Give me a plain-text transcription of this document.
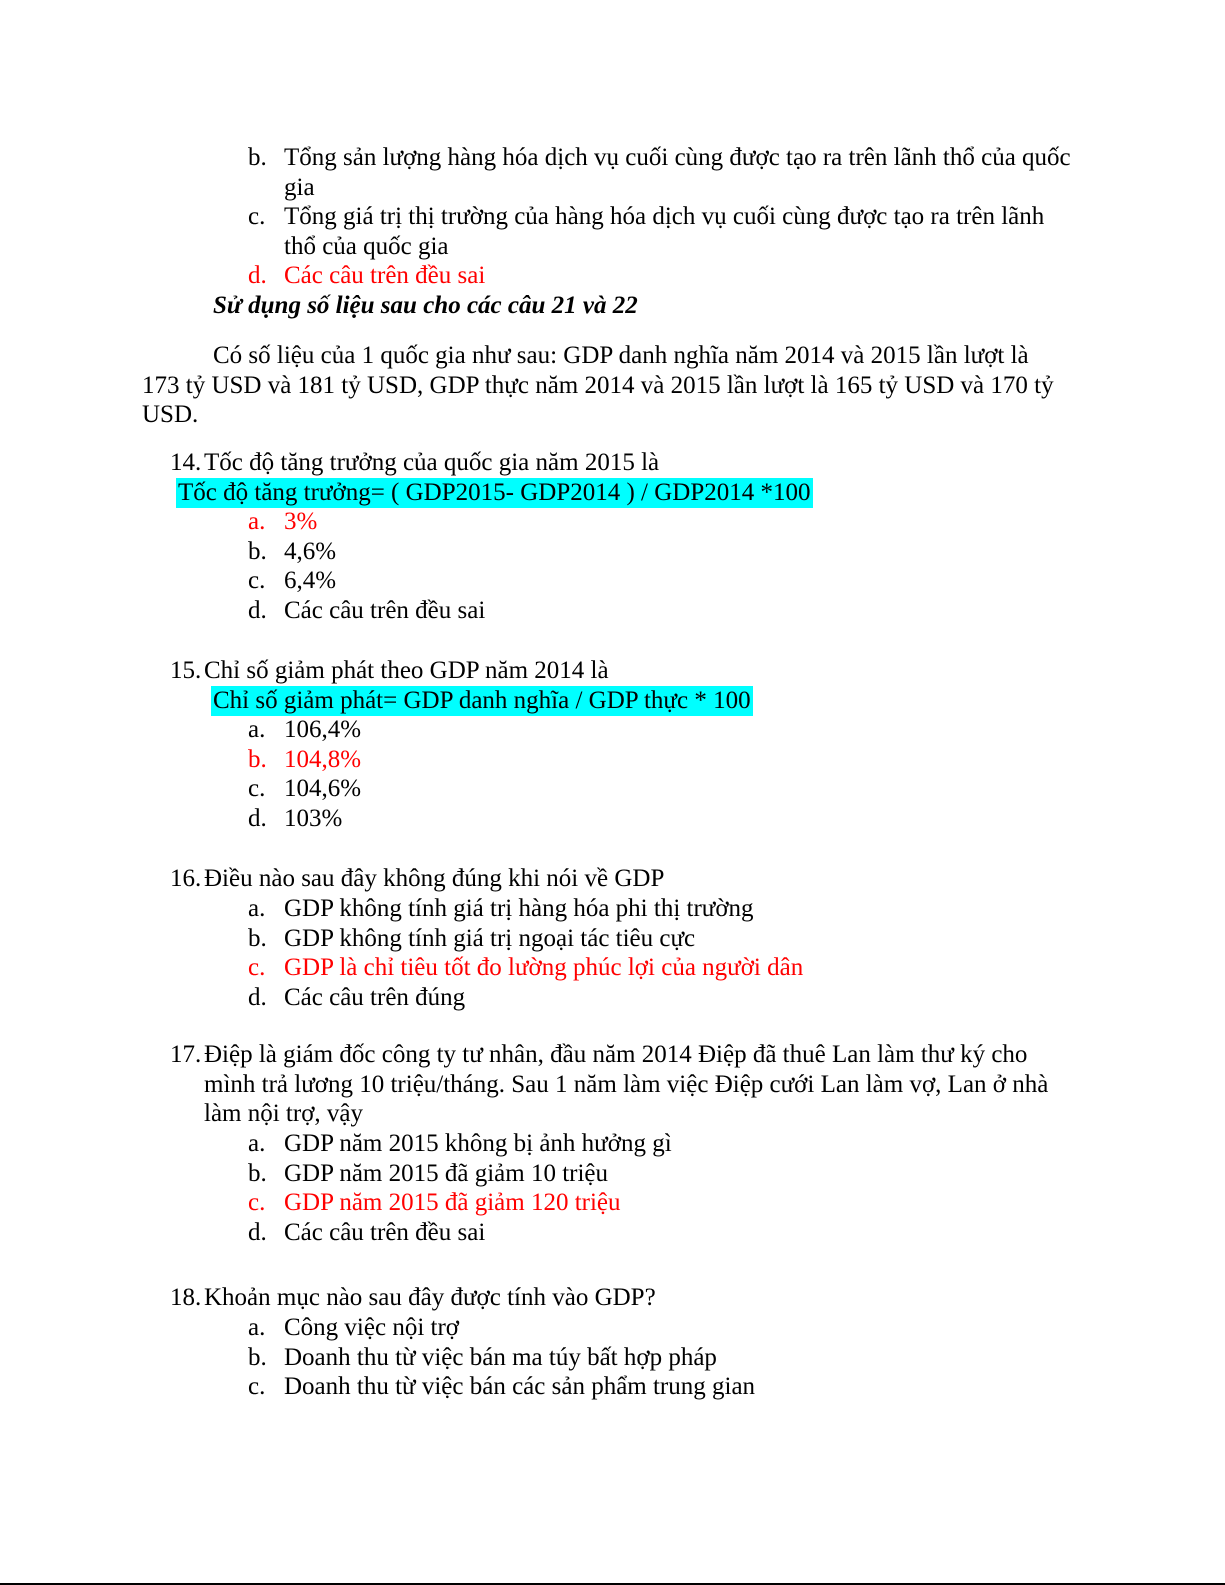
b. Tổng sản lượng hàng hóa dịch vụ cuối cùng được tạo ra trên lãnh thổ của quốc gia
c. Tổng giá trị thị trường của hàng hóa dịch vụ cuối cùng được tạo ra trên lãnh thổ của quốc gia
d. Các câu trên đều sai
Sử dụng số liệu sau cho các câu 21 và 22
Có số liệu của 1 quốc gia như sau: GDP danh nghĩa năm 2014 và 2015 lần lượt là 173 tỷ USD và 181 tỷ USD, GDP thực năm 2014 và 2015 lần lượt là 165 tỷ USD và 170 tỷ USD.
14. Tốc độ tăng trưởng của quốc gia năm 2015 là
Tốc độ tăng trưởng= ( GDP2015- GDP2014 ) / GDP2014 *100
a. 3%
b. 4,6%
c. 6,4%
d. Các câu trên đều sai
15. Chỉ số giảm phát theo GDP năm 2014 là
Chỉ số giảm phát= GDP danh nghĩa / GDP thực * 100
a. 106,4%
b. 104,8%
c. 104,6%
d. 103%
16. Điều nào sau đây không đúng khi nói về GDP
a. GDP không tính giá trị hàng hóa phi thị trường
b. GDP không tính giá trị ngoại tác tiêu cực
c. GDP là chỉ tiêu tốt đo lường phúc lợi của người dân
d. Các câu trên đúng
17. Điệp là giám đốc công ty tư nhân, đầu năm 2014 Điệp đã thuê Lan làm thư ký cho mình trả lương 10 triệu/tháng. Sau 1 năm làm việc Điệp cưới Lan làm vợ, Lan ở nhà làm nội trợ, vậy
a. GDP năm 2015 không bị ảnh hưởng gì
b. GDP năm 2015 đã giảm 10 triệu
c. GDP năm 2015 đã giảm 120 triệu
d. Các câu trên đều sai
18. Khoản mục nào sau đây được tính vào GDP?
a. Công việc nội trợ
b. Doanh thu từ việc bán ma túy bất hợp pháp
c. Doanh thu từ việc bán các sản phẩm trung gian
